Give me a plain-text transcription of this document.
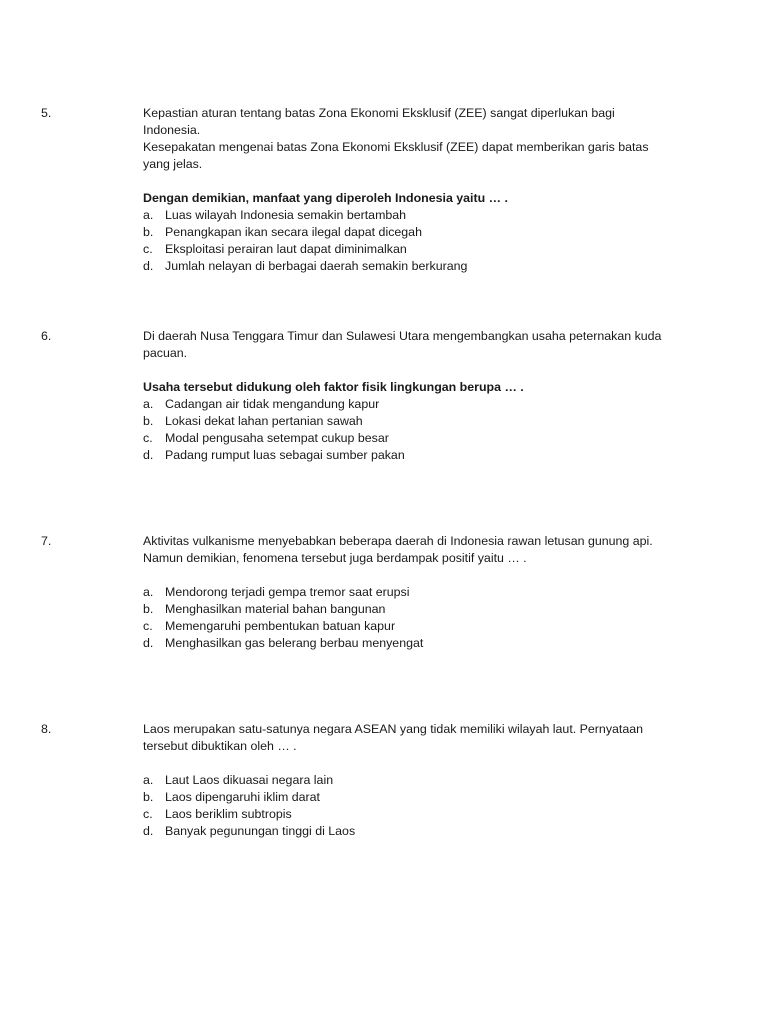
5.	Kepastian aturan tentang batas Zona Ekonomi Eksklusif (ZEE) sangat diperlukan bagi Indonesia.

Kesepakatan mengenai batas Zona Ekonomi Eksklusif (ZEE) dapat memberikan garis batas yang jelas.

Dengan demikian, manfaat yang diperoleh Indonesia yaitu … .

a. Luas wilayah Indonesia semakin bertambah
b. Penangkapan ikan secara ilegal dapat dicegah
c. Eksploitasi perairan laut dapat diminimalkan
d. Jumlah nelayan di berbagai daerah semakin berkurang
6.	Di daerah Nusa Tenggara Timur dan Sulawesi Utara mengembangkan usaha peternakan kuda pacuan.

Usaha tersebut didukung oleh faktor fisik lingkungan berupa … .

a. Cadangan air tidak mengandung kapur
b. Lokasi dekat lahan pertanian sawah
c. Modal pengusaha setempat cukup besar
d. Padang rumput luas sebagai sumber pakan
7.	Aktivitas vulkanisme menyebabkan beberapa daerah di Indonesia rawan letusan gunung api. Namun demikian, fenomena tersebut juga berdampak positif yaitu … .

a. Mendorong terjadi gempa tremor saat erupsi
b. Menghasilkan material bahan bangunan
c. Memengaruhi pembentukan batuan kapur
d. Menghasilkan gas belerang berbau menyengat
8.	Laos merupakan satu-satunya negara ASEAN yang tidak memiliki wilayah laut. Pernyataan tersebut dibuktikan oleh … .

a. Laut Laos dikuasai negara lain
b. Laos dipengaruhi iklim darat
c. Laos beriklim subtropis
d. Banyak pegunungan tinggi di Laos
